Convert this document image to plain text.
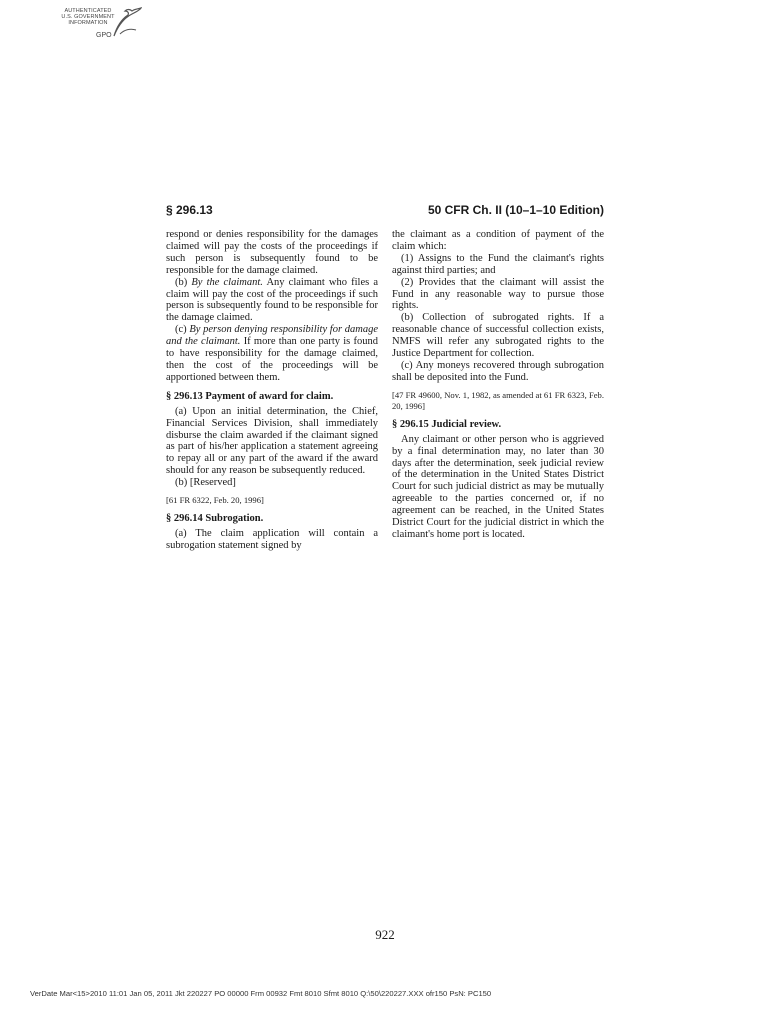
AUTHENTICATED
U.S. GOVERNMENT
INFORMATION
GPO
§ 296.13	50 CFR Ch. II (10–1–10 Edition)

respond or denies responsibility for the damages claimed will pay the costs of the proceedings if such person is subsequently found to be responsible for the damage claimed.

(b) By the claimant. Any claimant who files a claim will pay the cost of the proceedings if such person is subsequently found to be responsible for the damage claimed.

(c) By person denying responsibility for damage and the claimant. If more than one party is found to have responsibility for the damage claimed, then the cost of the proceedings will be apportioned between them.

§ 296.13 Payment of award for claim.

(a) Upon an initial determination, the Chief, Financial Services Division, shall immediately disburse the claim awarded if the claimant signed as part of his/her application a statement agreeing to repay all or any part of the award if the award should for any reason be subsequently reduced.

(b) [Reserved]

[61 FR 6322, Feb. 20, 1996]

§ 296.14 Subrogation.

(a) The claim application will contain a subrogation statement signed by

the claimant as a condition of payment of the claim which:

(1) Assigns to the Fund the claimant's rights against third parties; and

(2) Provides that the claimant will assist the Fund in any reasonable way to pursue those rights.

(b) Collection of subrogated rights. If a reasonable chance of successful collection exists, NMFS will refer any subrogated rights to the Justice Department for collection.

(c) Any moneys recovered through subrogation shall be deposited into the Fund.

[47 FR 49600, Nov. 1, 1982, as amended at 61 FR 6323, Feb. 20, 1996]

§ 296.15 Judicial review.

Any claimant or other person who is aggrieved by a final determination may, no later than 30 days after the determination, seek judicial review of the determination in the United States District Court for such judicial district as may be mutually agreeable to the parties concerned or, if no agreement can be reached, in the United States District Court for the judicial district in which the claimant's home port is located.

922
VerDate Mar<15>2010 11:01 Jan 05, 2011 Jkt 220227 PO 00000 Frm 00932 Fmt 8010 Sfmt 8010 Q:\50\220227.XXX ofr150 PsN: PC150
